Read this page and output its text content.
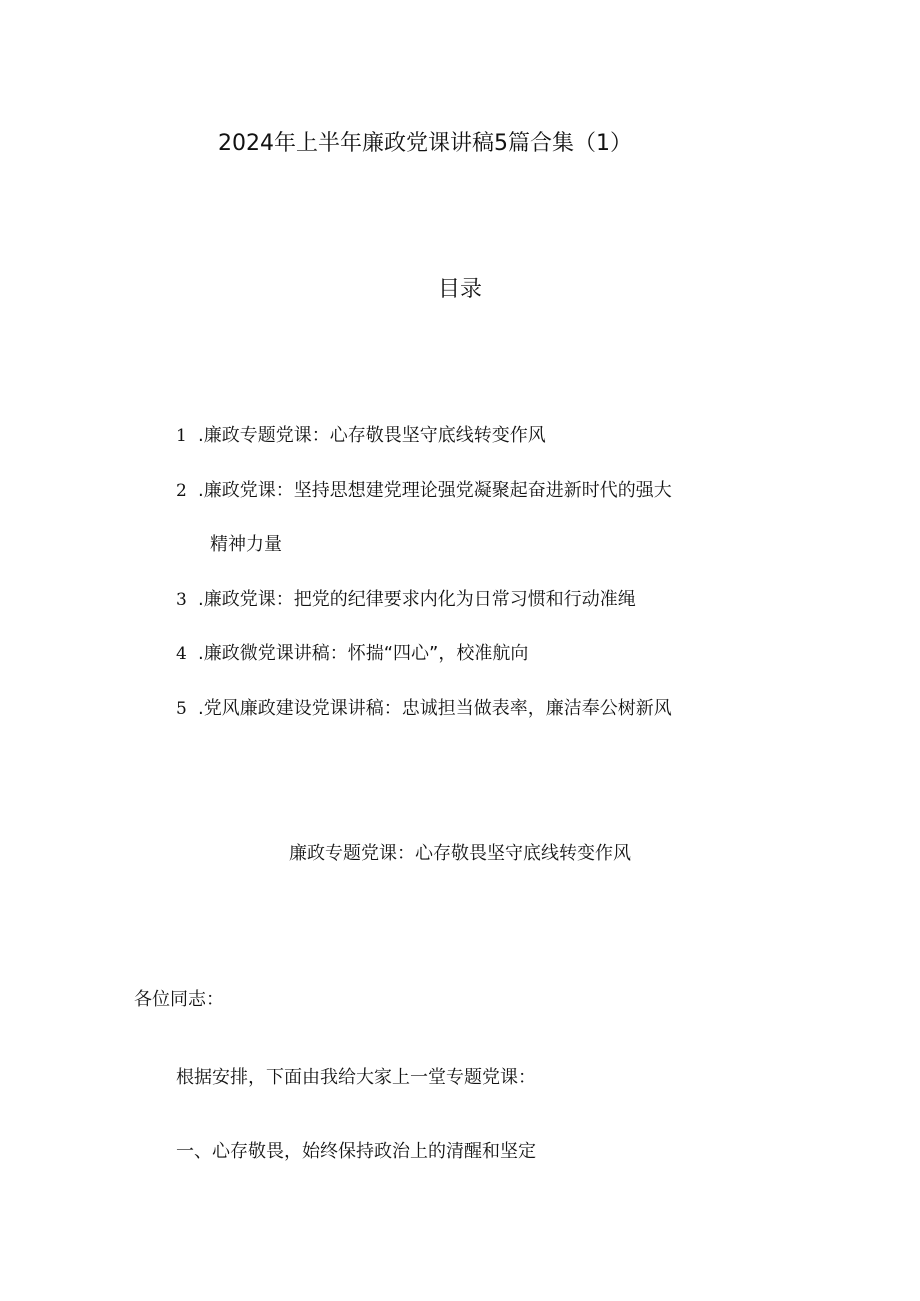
2024年上半年廉政党课讲稿5篇合集（1）
目录
1 .廉政专题党课：心存敬畏坚守底线转变作风
2 .廉政党课：坚持思想建党理论强党凝聚起奋进新时代的强大
精神力量
3 .廉政党课：把党的纪律要求内化为日常习惯和行动准绳
4 .廉政微党课讲稿：怀揣“四心”，校准航向
5 .党风廉政建设党课讲稿：忠诚担当做表率，廉洁奉公树新风
廉政专题党课：心存敬畏坚守底线转变作风
各位同志：
根据安排，下面由我给大家上一堂专题党课：
一、心存敬畏，始终保持政治上的清醒和坚定
